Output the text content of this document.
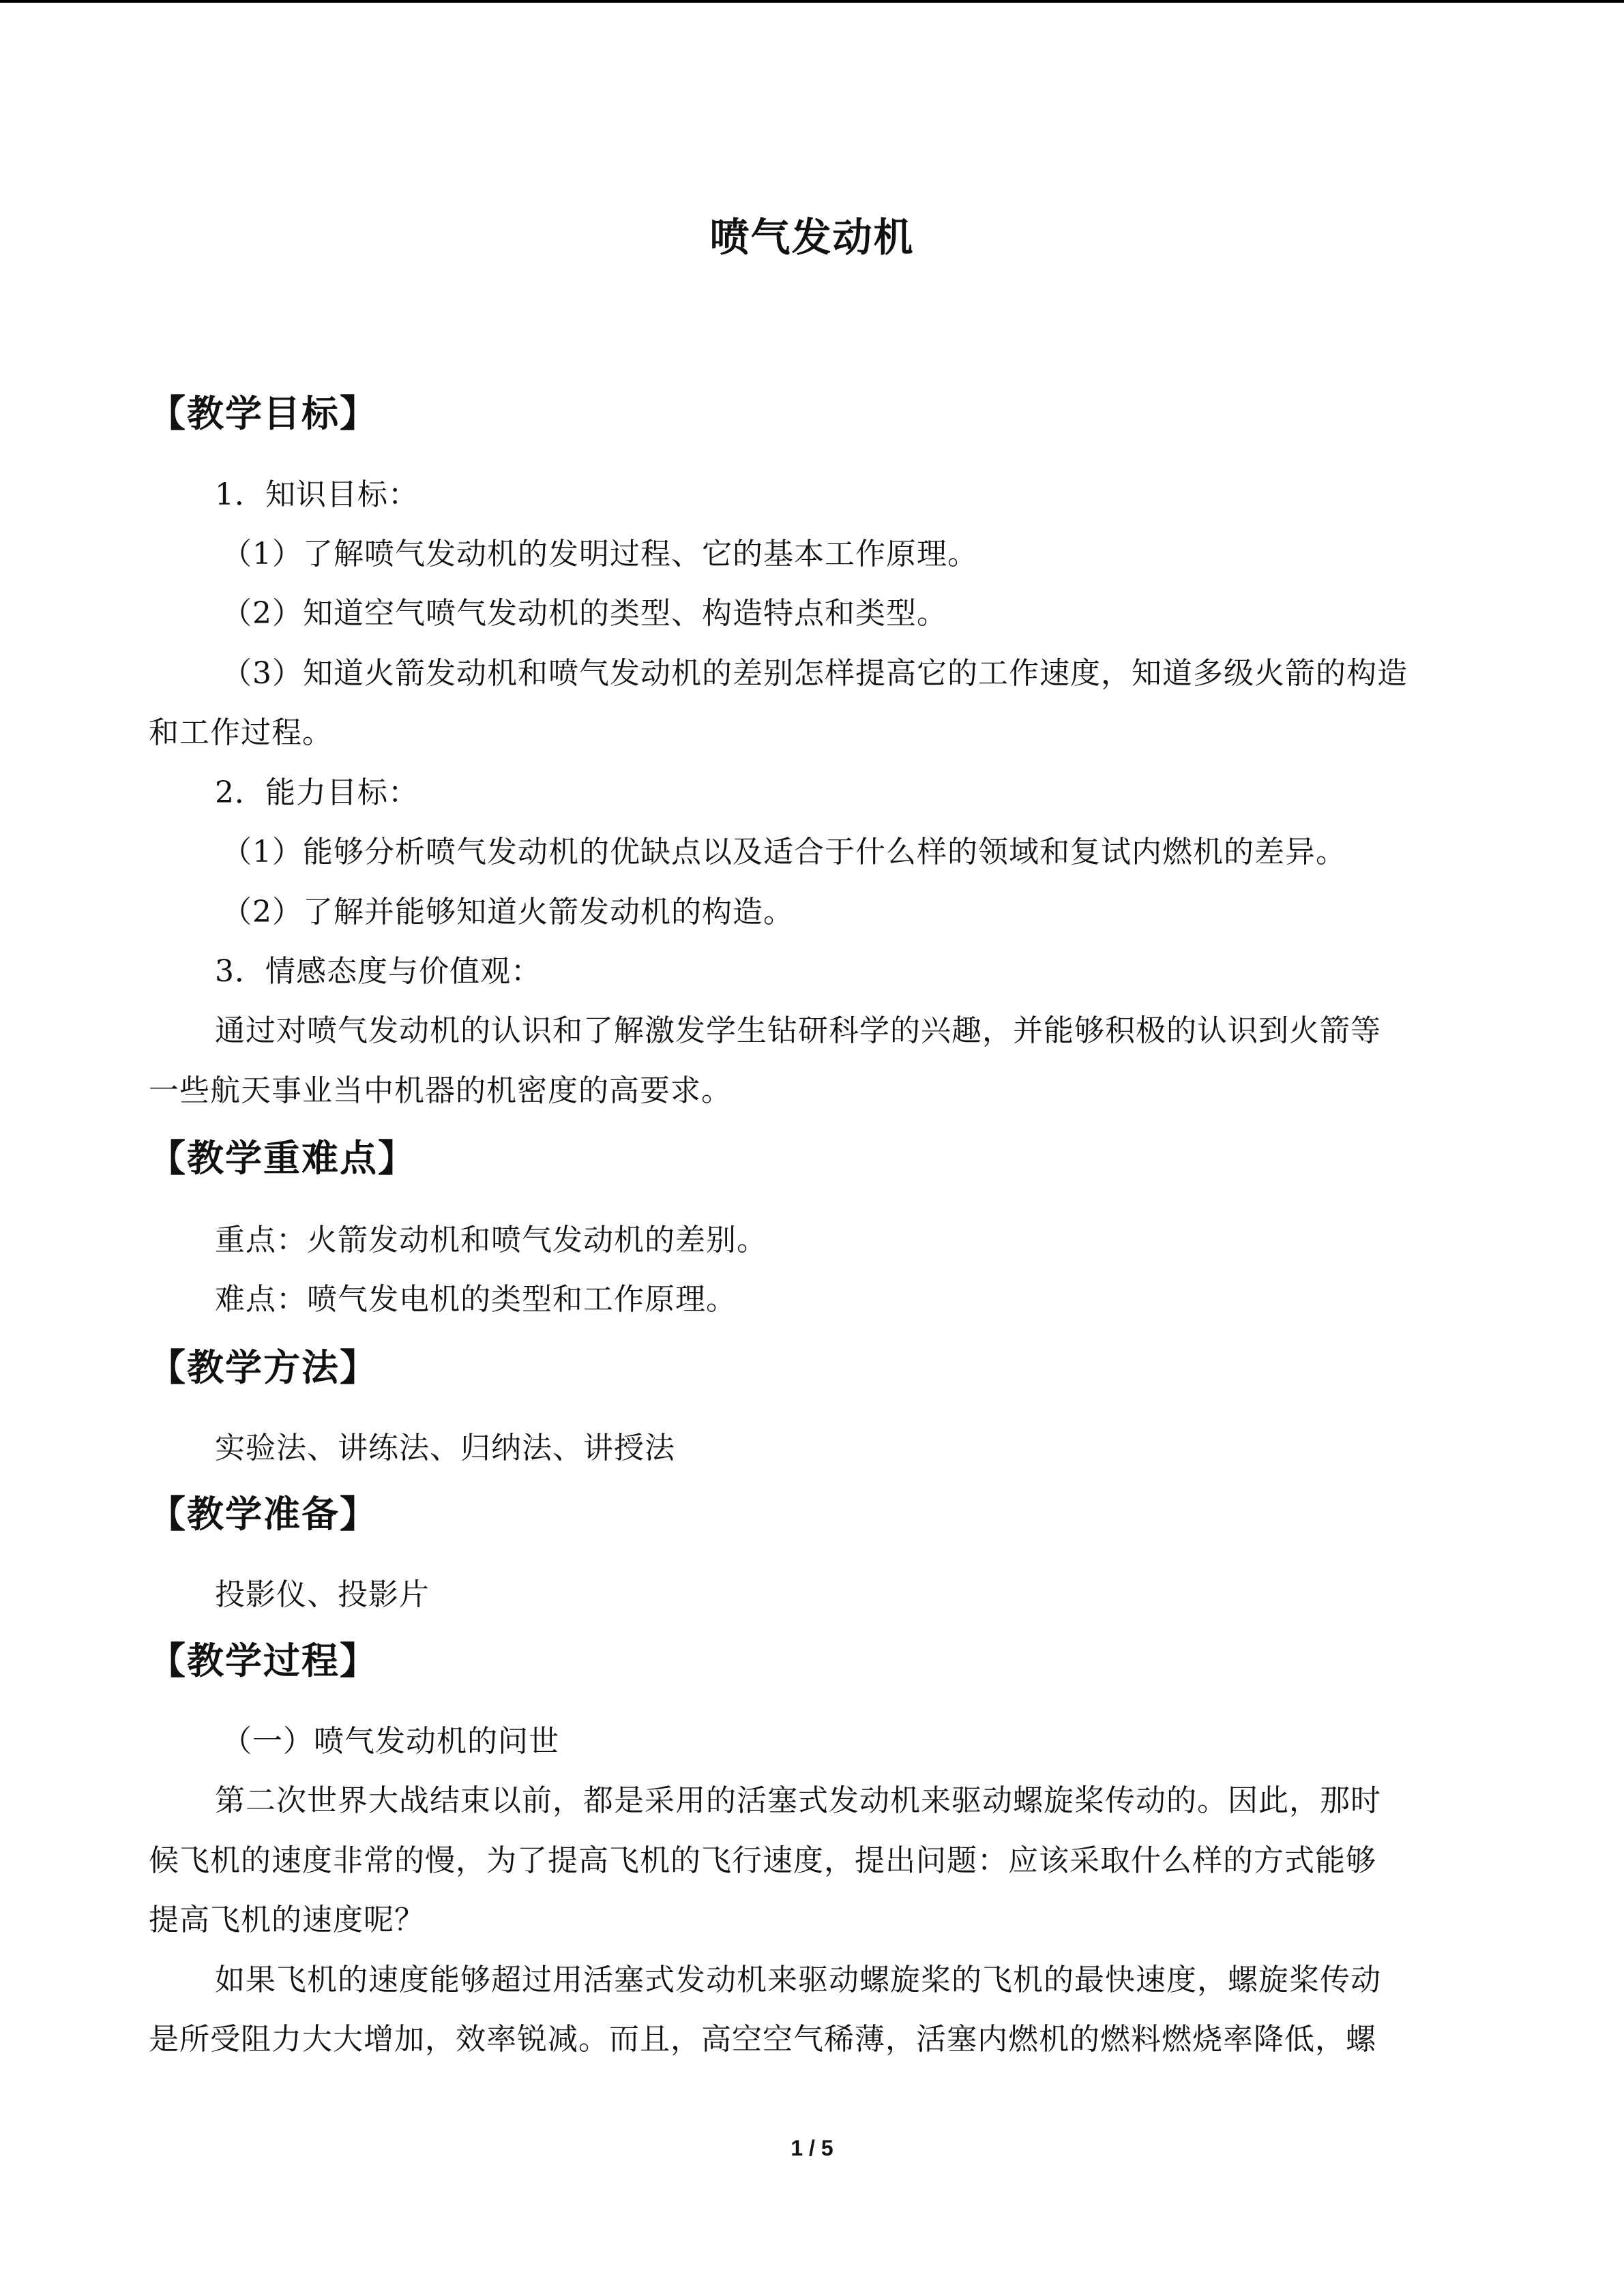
喷气发动机
【教学目标】
1．知识目标：
（1）了解喷气发动机的发明过程、它的基本工作原理。
（2）知道空气喷气发动机的类型、构造特点和类型。
（3）知道火箭发动机和喷气发动机的差别怎样提高它的工作速度，知道多级火箭的构造
和工作过程。
2．能力目标：
（1）能够分析喷气发动机的优缺点以及适合于什么样的领域和复试内燃机的差异。
（2）了解并能够知道火箭发动机的构造。
3．情感态度与价值观：
通过对喷气发动机的认识和了解激发学生钻研科学的兴趣，并能够积极的认识到火箭等
一些航天事业当中机器的机密度的高要求。
【教学重难点】
重点：火箭发动机和喷气发动机的差别。
难点：喷气发电机的类型和工作原理。
【教学方法】
实验法、讲练法、归纳法、讲授法
【教学准备】
投影仪、投影片
【教学过程】
（一）喷气发动机的问世
第二次世界大战结束以前，都是采用的活塞式发动机来驱动螺旋桨传动的。因此，那时
候飞机的速度非常的慢，为了提高飞机的飞行速度，提出问题：应该采取什么样的方式能够
提高飞机的速度呢？
如果飞机的速度能够超过用活塞式发动机来驱动螺旋桨的飞机的最快速度，螺旋桨传动
是所受阻力大大增加，效率锐减。而且，高空空气稀薄，活塞内燃机的燃料燃烧率降低，螺
1 / 5
